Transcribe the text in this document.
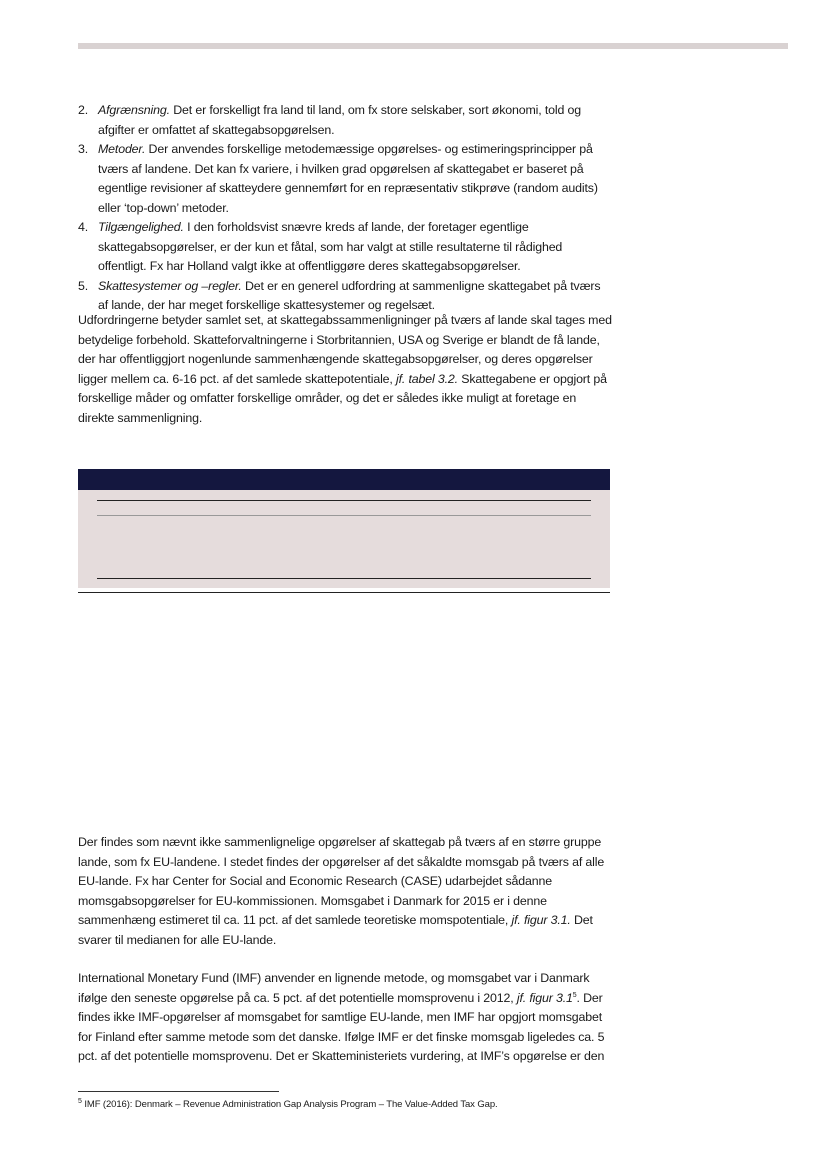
2. Afgrænsning. Det er forskelligt fra land til land, om fx store selskaber, sort økonomi, told og afgifter er omfattet af skattegabsopgørelsen.
3. Metoder. Der anvendes forskellige metodemæssige opgørelses- og estimeringsprincipper på tværs af landene. Det kan fx variere, i hvilken grad opgørelsen af skattegabet er baseret på egentlige revisioner af skatteydere gennemført for en repræsentativ stikprøve (random audits) eller ‘top-down’ metoder.
4. Tilgængelighed. I den forholdsvist snævre kreds af lande, der foretager egentlige skattegabsopgørelser, er der kun et fåtal, som har valgt at stille resultaterne til rådighed offentligt. Fx har Holland valgt ikke at offentliggøre deres skattegabsopgørelser.
5. Skattesystemer og –regler. Det er en generel udfordring at sammenligne skattegabet på tværs af lande, der har meget forskellige skattesystemer og regelsæt.

Udfordringerne betyder samlet set, at skattegabssammenligninger på tværs af lande skal tages med betydelige forbehold. Skatteforvaltningerne i Storbritannien, USA og Sverige er blandt de få lande, der har offentliggjort nogenlunde sammenhængende skattegabsopgørelser, og deres opgørelser ligger mellem ca. 6-16 pct. af det samlede skattepotentiale, jf. tabel 3.2. Skattegabene er opgjort på forskellige måder og omfatter forskellige områder, og det er således ikke muligt at foretage en direkte sammenligning.

Der findes som nævnt ikke sammenlignelige opgørelser af skattegab på tværs af en større gruppe lande, som fx EU-landene. I stedet findes der opgørelser af det såkaldte momsgab på tværs af alle EU-lande. Fx har Center for Social and Economic Research (CASE) udarbejdet sådanne momsgabsopgørelser for EU-kommissionen. Momsgabet i Danmark for 2015 er i denne sammenhæng estimeret til ca. 11 pct. af det samlede teoretiske momspotentiale, jf. figur 3.1. Det svarer til medianen for alle EU-lande.

International Monetary Fund (IMF) anvender en lignende metode, og momsgabet var i Danmark ifølge den seneste opgørelse på ca. 5 pct. af det potentielle momsprovenu i 2012, jf. figur $3.1^5$. Der findes ikke IMF-opgørelser af momsgabet for samtlige EU-lande, men IMF har opgjort momsgabet for Finland efter samme metode som det danske. Ifølge IMF er det finske momsgab ligeledes ca. 5 pct. af det potentielle momsprovenu. Det er Skatteministeriets vurdering, at IMF’s opgørelse er den

$^5$ IMF (2016): Denmark – Revenue Administration Gap Analysis Program – The Value-Added Tax Gap.
